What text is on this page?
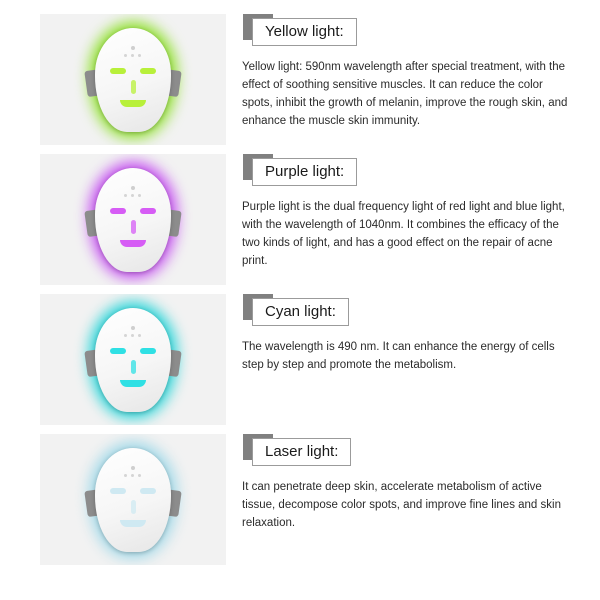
Yellow light:
Yellow light: 590nm wavelength after special treatment, with the effect of soothing sensitive muscles. It can reduce the color spots, inhibit the growth of melanin, improve the rough skin, and enhance the muscle skin immunity.
Purple light:
Purple light is the dual frequency light of red light and blue light, with the wavelength of 1040nm. It combines the efficacy of the two kinds of light, and has a good effect on the repair of acne print.
Cyan light:
The wavelength is 490 nm. It can enhance the energy of cells step by step and promote the metabolism.
Laser light:
It can penetrate deep skin, accelerate metabolism of active tissue, decompose color spots, and improve fine lines and skin relaxation.
